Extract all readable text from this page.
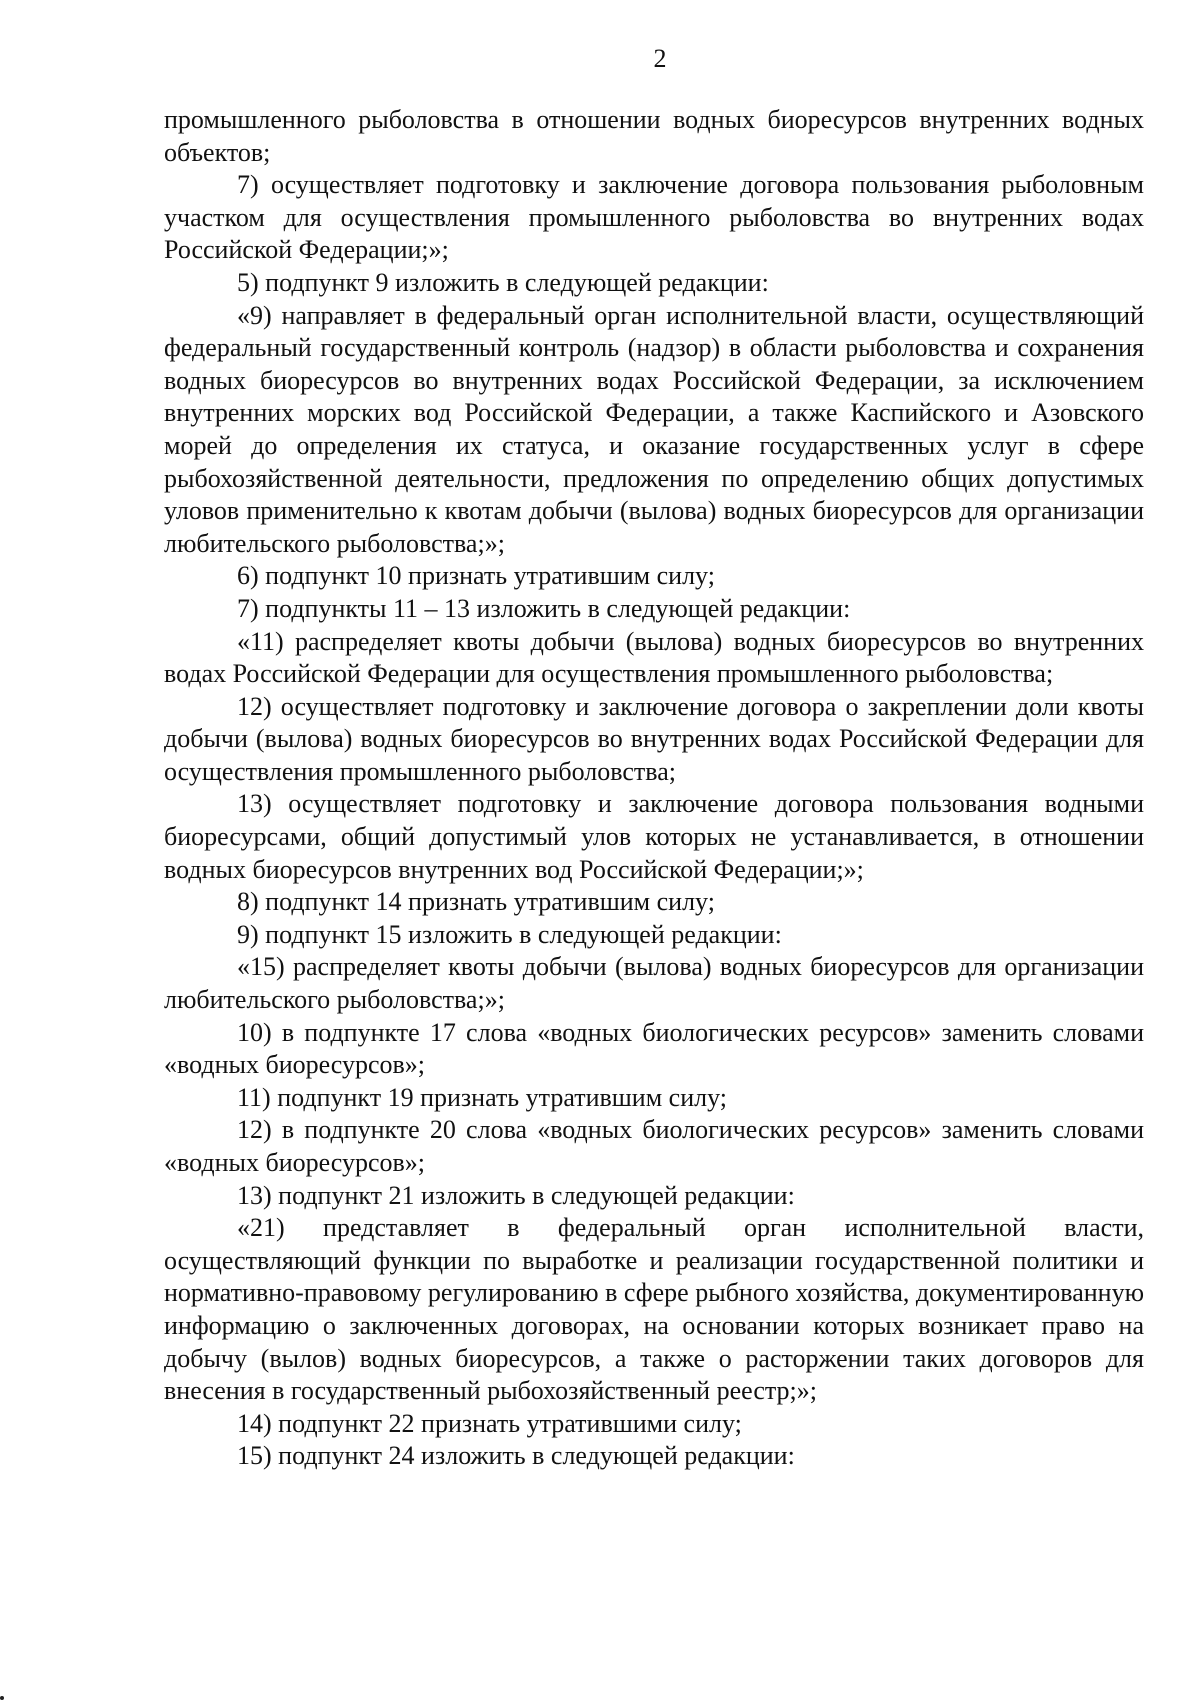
2

промышленного рыболовства в отношении водных биоресурсов внутренних водных объектов;

7) осуществляет подготовку и заключение договора пользования рыболовным участком для осуществления промышленного рыболовства во внутренних водах Российской Федерации;»;

5) подпункт 9 изложить в следующей редакции:

«9) направляет в федеральный орган исполнительной власти, осуществляющий федеральный государственный контроль (надзор) в области рыболовства и сохранения водных биоресурсов во внутренних водах Российской Федерации, за исключением внутренних морских вод Российской Федерации, а также Каспийского и Азовского морей до определения их статуса, и оказание государственных услуг в сфере рыбохозяйственной деятельности, предложения по определению общих допустимых уловов применительно к квотам добычи (вылова) водных биоресурсов для организации любительского рыболовства;»;

6) подпункт 10 признать утратившим силу;

7) подпункты 11 – 13 изложить в следующей редакции:

«11) распределяет квоты добычи (вылова) водных биоресурсов во внутренних водах Российской Федерации для осуществления промышленного рыболовства;

12) осуществляет подготовку и заключение договора о закреплении доли квоты добычи (вылова) водных биоресурсов во внутренних водах Российской Федерации для осуществления промышленного рыболовства;

13) осуществляет подготовку и заключение договора пользования водными биоресурсами, общий допустимый улов которых не устанавливается, в отношении водных биоресурсов внутренних вод Российской Федерации;»;

8) подпункт 14 признать утратившим силу;

9) подпункт 15 изложить в следующей редакции:

«15) распределяет квоты добычи (вылова) водных биоресурсов для организации любительского рыболовства;»;

10) в подпункте 17 слова «водных биологических ресурсов» заменить словами «водных биоресурсов»;

11) подпункт 19 признать утратившим силу;

12) в подпункте 20 слова «водных биологических ресурсов» заменить словами «водных биоресурсов»;

13) подпункт 21 изложить в следующей редакции:

«21) представляет в федеральный орган исполнительной власти, осуществляющий функции по выработке и реализации государственной политики и нормативно-правовому регулированию в сфере рыбного хозяйства, документированную информацию о заключенных договорах, на основании которых возникает право на добычу (вылов) водных биоресурсов, а также о расторжении таких договоров для внесения в государственный рыбохозяйственный реестр;»;

14) подпункт 22 признать утратившими силу;

15) подпункт 24 изложить в следующей редакции:
